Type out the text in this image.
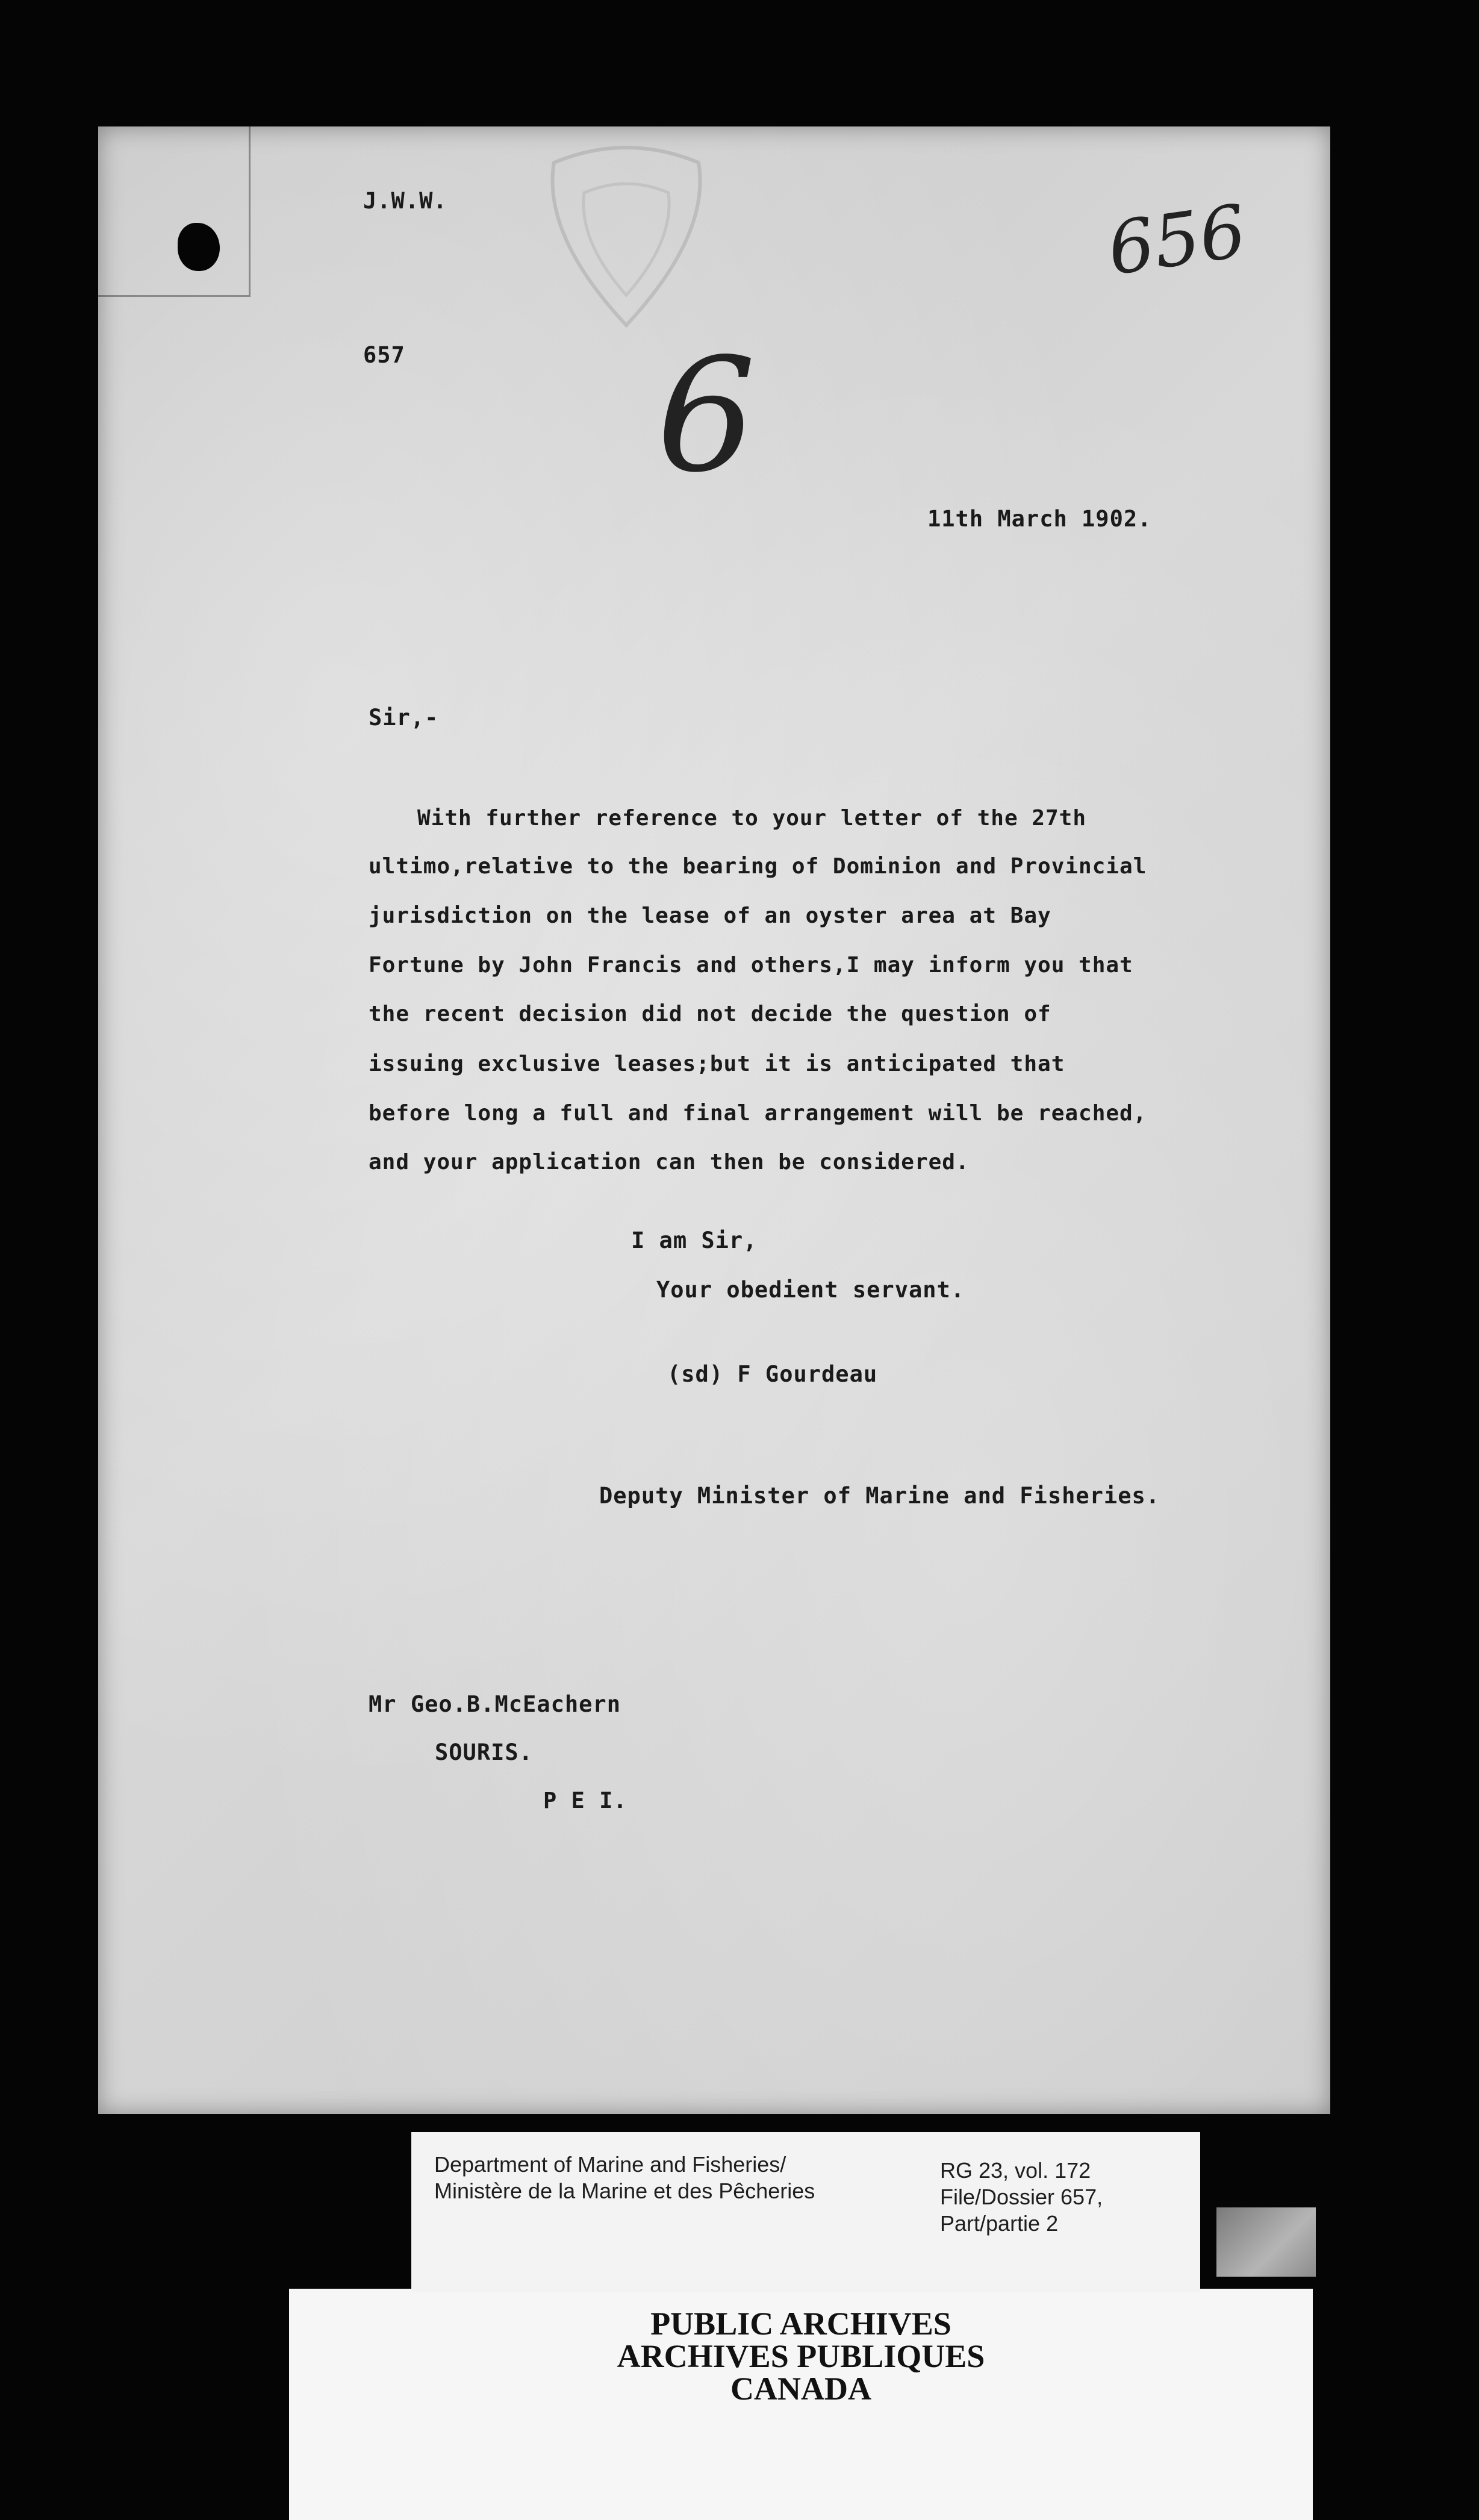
J.W.W.
657
11th March 1902.
656
6
Sir,-
With further reference to your letter of the 27th
ultimo,relative to the bearing of Dominion and Provincial
jurisdiction on the lease of an oyster area at Bay
Fortune by John Francis and others,I may inform you that
the recent decision did not decide the question of
issuing exclusive leases;but it is anticipated that
before long a full and final arrangement will be reached,
and your application can then be considered.
I am Sir,
Your obedient servant.
(sd) F Gourdeau
Deputy Minister of Marine and Fisheries.
Mr Geo.B.McEachern
SOURIS.
P E I.
PUBLIC ARCHIVES
ARCHIVES PUBLIQUES
CANADA
Department of Marine and Fisheries/
Ministère de la Marine et des Pêcheries
RG 23, vol. 172
File/Dossier 657,
Part/partie 2
